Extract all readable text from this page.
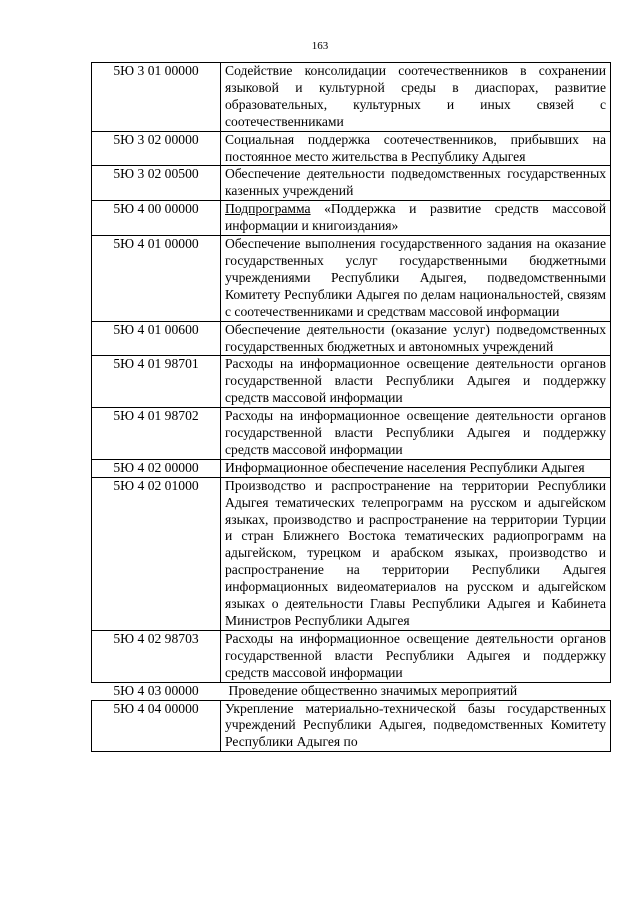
163
5Ю 3 01 00000	Содействие консолидации соотечественников в сохранении языковой и культурной среды в диаспорах, развитие образовательных, культурных и иных связей с соотечественниками
5Ю 3 02 00000	Социальная поддержка соотечественников, прибывших на постоянное место жительства в Республику Адыгея
5Ю 3 02 00500	Обеспечение деятельности подведомственных государственных казенных учреждений
5Ю 4 00 00000	Подпрограмма «Поддержка и развитие средств массовой информации и книгоиздания»
5Ю 4 01 00000	Обеспечение выполнения государственного задания на оказание государственных услуг государственными бюджетными учреждениями Республики Адыгея, подведомственными Комитету Республики Адыгея по делам национальностей, связям с соотечественниками и средствам массовой информации
5Ю 4 01 00600	Обеспечение деятельности (оказание услуг) подведомственных государственных бюджетных и автономных учреждений
5Ю 4 01 98701	Расходы на информационное освещение деятельности органов государственной власти Республики Адыгея и поддержку средств массовой информации
5Ю 4 01 98702	Расходы на информационное освещение деятельности органов государственной власти Республики Адыгея и поддержку средств массовой информации
5Ю 4 02 00000	Информационное обеспечение населения Республики Адыгея
5Ю 4 02 01000	Производство и распространение на территории Республики Адыгея тематических телепрограмм на русском и адыгейском языках, производство и распространение на территории Турции и стран Ближнего Востока тематических радиопрограмм на адыгейском, турецком и арабском языках, производство и распространение на территории Республики Адыгея информационных видеоматериалов на русском и адыгейском языках о деятельности Главы Республики Адыгея и Кабинета Министров Республики Адыгея
5Ю 4 02 98703	Расходы на информационное освещение деятельности органов государственной власти Республики Адыгея и поддержку средств массовой информации
5Ю 4 03 00000	Проведение общественно значимых мероприятий
5Ю 4 04 00000	Укрепление материально-технической базы государственных учреждений Республики Адыгея, подведомственных Комитету Республики Адыгея по
